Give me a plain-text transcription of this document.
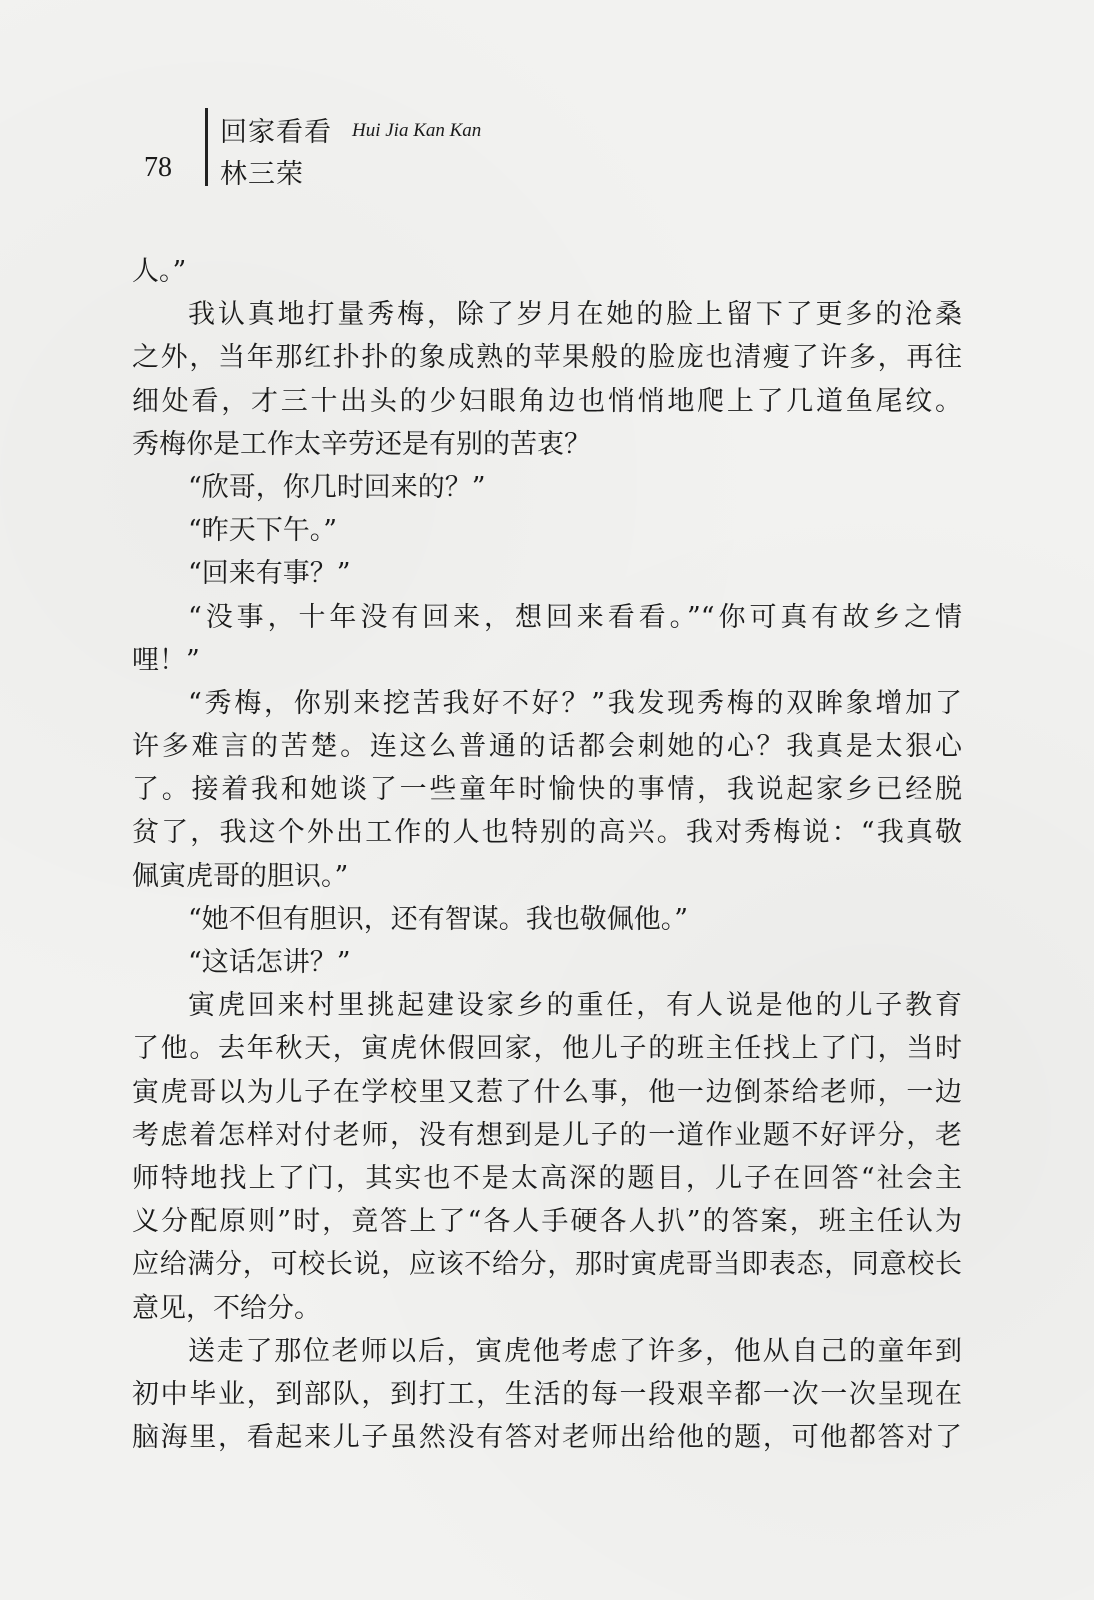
78
回家看看 Hui Jia Kan Kan
林三荣
人。”
我认真地打量秀梅，除了岁月在她的脸上留下了更多的沧桑
之外，当年那红扑扑的象成熟的苹果般的脸庞也清瘦了许多，再往
细处看，才三十出头的少妇眼角边也悄悄地爬上了几道鱼尾纹。
秀梅你是工作太辛劳还是有别的苦衷？
“欣哥，你几时回来的？”
“昨天下午。”
“回来有事？”
“没事，十年没有回来，想回来看看。”“你可真有故乡之情
哩！”
“秀梅，你别来挖苦我好不好？”我发现秀梅的双眸象增加了
许多难言的苦楚。连这么普通的话都会刺她的心？我真是太狠心
了。接着我和她谈了一些童年时愉快的事情，我说起家乡已经脱
贫了，我这个外出工作的人也特别的高兴。我对秀梅说：“我真敬
佩寅虎哥的胆识。”
“她不但有胆识，还有智谋。我也敬佩他。”
“这话怎讲？”
寅虎回来村里挑起建设家乡的重任，有人说是他的儿子教育
了他。去年秋天，寅虎休假回家，他儿子的班主任找上了门，当时
寅虎哥以为儿子在学校里又惹了什么事，他一边倒茶给老师，一边
考虑着怎样对付老师，没有想到是儿子的一道作业题不好评分，老
师特地找上了门，其实也不是太高深的题目，儿子在回答“社会主
义分配原则”时，竟答上了“各人手硬各人扒”的答案，班主任认为
应给满分，可校长说，应该不给分，那时寅虎哥当即表态，同意校长
意见，不给分。
送走了那位老师以后，寅虎他考虑了许多，他从自己的童年到
初中毕业，到部队，到打工，生活的每一段艰辛都一次一次呈现在
脑海里，看起来儿子虽然没有答对老师出给他的题，可他都答对了
